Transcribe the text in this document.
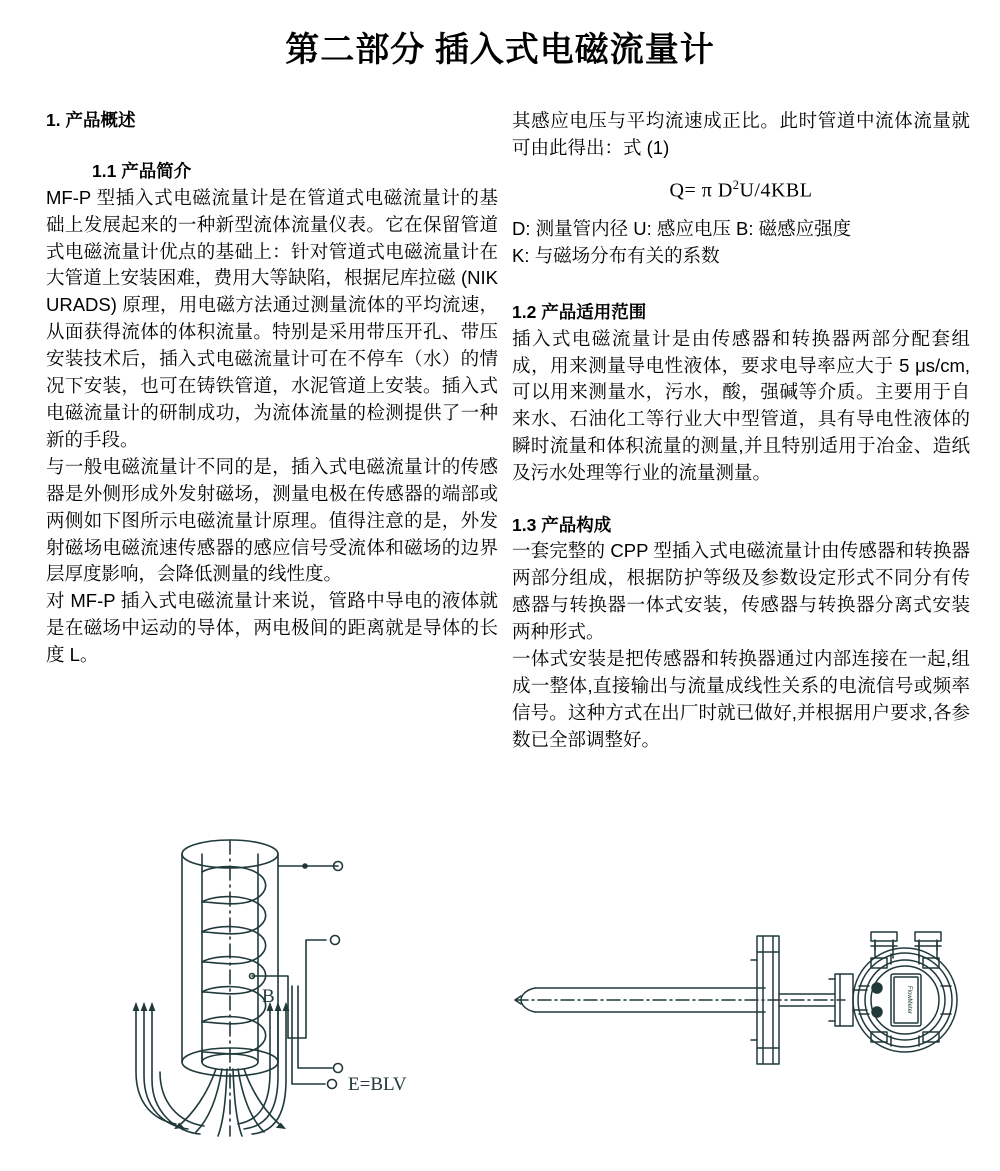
第二部分 插入式电磁流量计
1. 产品概述
1.1 产品简介

MF-P 型插入式电磁流量计是在管道式电磁流量计的基础上发展起来的一种新型流体流量仪表。它在保留管道式电磁流量计优点的基础上：针对管道式电磁流量计在大管道上安装困难，费用大等缺陷，根据尼库拉磁 (NIKURADS) 原理，用电磁方法通过测量流体的平均流速，从面获得流体的体积流量。特别是采用带压开孔、带压安装技术后，插入式电磁流量计可在不停车（水）的情况下安装，也可在铸铁管道，水泥管道上安装。插入式电磁流量计的研制成功，为流体流量的检测提供了一种新的手段。

与一般电磁流量计不同的是，插入式电磁流量计的传感器是外侧形成外发射磁场，测量电极在传感器的端部或两侧如下图所示电磁流量计原理。值得注意的是，外发射磁场电磁流速传感器的感应信号受流体和磁场的边界层厚度影响，会降低测量的线性度。

对 MF-P 插入式电磁流量计来说，管路中导电的液体就是在磁场中运动的导体，两电极间的距离就是导体的长度 L。

其感应电压与平均流速成正比。此时管道中流体流量就可由此得出：式 (1)

Q= π $D^2U/4KBL$
D: 测量管内径 U: 感应电压 B: 磁感应强度
K: 与磁场分布有关的系数
1.2 产品适用范围

插入式电磁流量计是由传感器和转换器两部分配套组成，用来测量导电性液体，要求电导率应大于 5 μs/cm, 可以用来测量水，污水，酸，强碱等介质。主要用于自来水、石油化工等行业大中型管道，具有导电性液体的瞬时流量和体积流量的测量,并且特别适用于冶金、造纸及污水处理等行业的流量测量。

1.3 产品构成

一套完整的 CPP 型插入式电磁流量计由传感器和转换器两部分组成，根据防护等级及参数设定形式不同分有传感器与转换器一体式安装，传感器与转换器分离式安装两种形式。

一体式安装是把传感器和转换器通过内部连接在一起,组成一整体,直接输出与流量成线性关系的电流信号或频率信号。这种方式在出厂时就已做好,并根据用户要求,各参数已全部调整好。

B
E=BLV
FlowMeter
